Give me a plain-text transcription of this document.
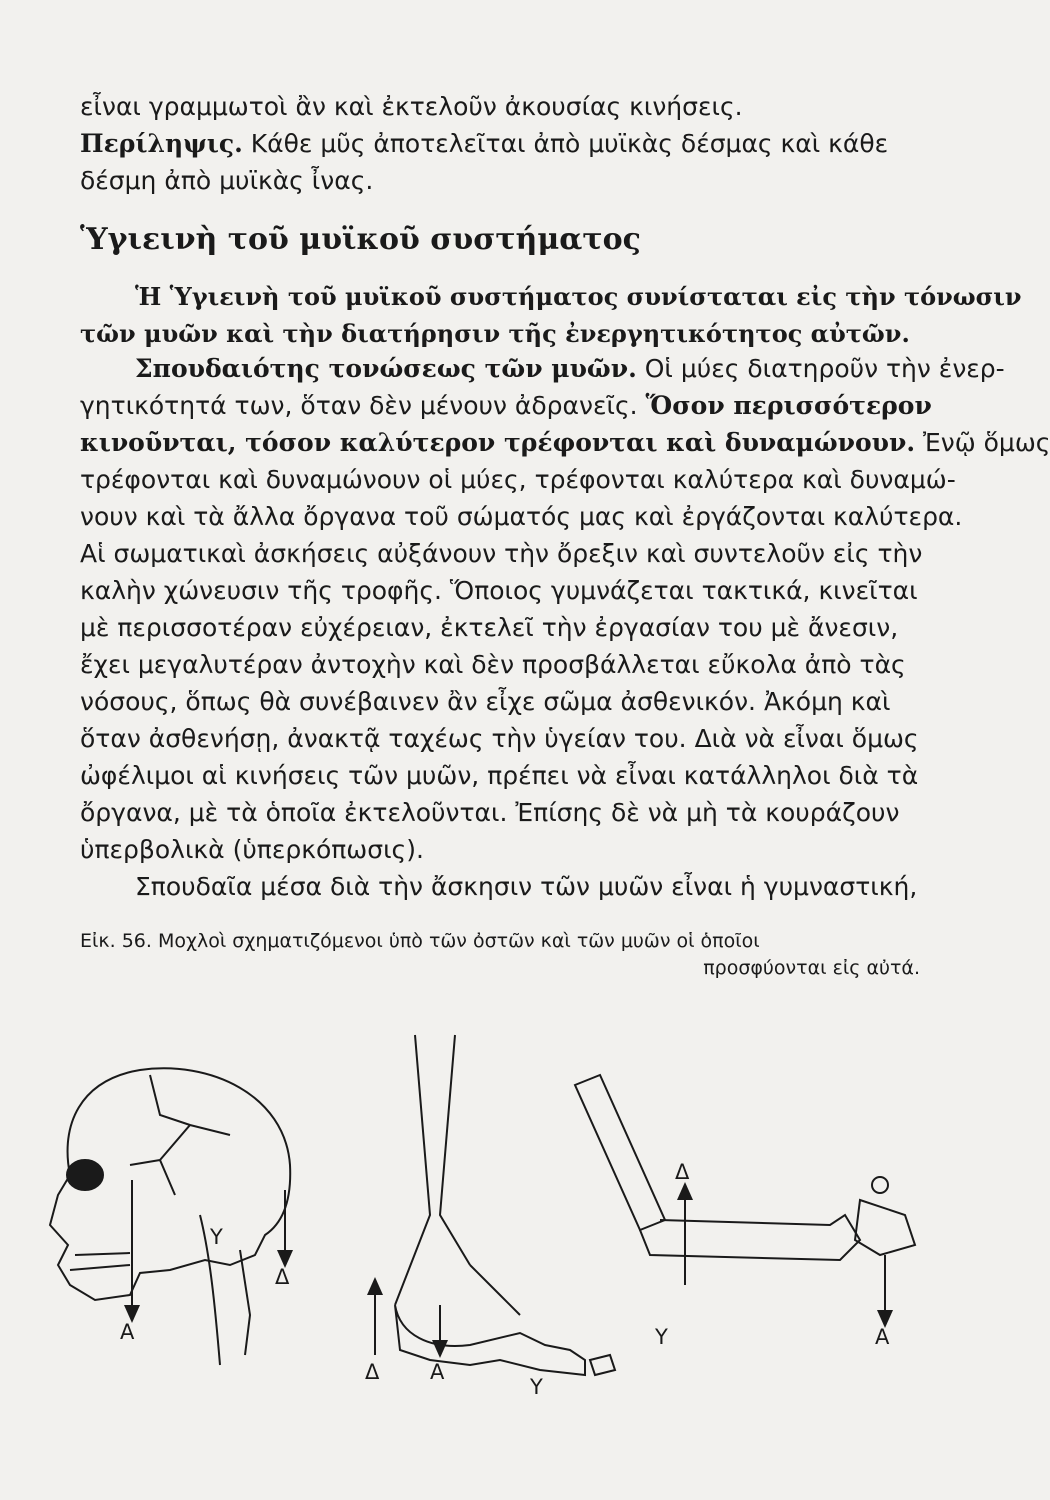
εἶναι γραμμωτοὶ ἂν καὶ ἐκτελοῦν ἀκουσίας κινήσεις.
Περίληψις. Κάθε μῦς ἀποτελεῖται ἀπὸ μυϊκὰς δέσμας καὶ κάθε
δέσμη ἀπὸ μυϊκὰς ἶνας.
Ὑγιεινὴ τοῦ μυϊκοῦ συστήματος
Ἡ Ὑγιεινὴ τοῦ μυϊκοῦ συστήματος συνίσταται εἰς τὴν τόνωσιν
τῶν μυῶν καὶ τὴν διατήρησιν τῆς ἐνεργητικότητος αὐτῶν.
Σπουδαιότης τονώσεως τῶν μυῶν. Οἱ μύες διατηροῦν τὴν ἐνερ-
γητικότητά των, ὅταν δὲν μένουν ἀδρανεῖς. Ὅσον περισσότερον
κινοῦνται, τόσον καλύτερον τρέφονται καὶ δυναμώνουν. Ἐνῷ ὅμως
τρέφονται καὶ δυναμώνουν οἱ μύες, τρέφονται καλύτερα καὶ δυναμώ-
νουν καὶ τὰ ἄλλα ὄργανα τοῦ σώματός μας καὶ ἐργάζονται καλύτερα.
Αἱ σωματικαὶ ἀσκήσεις αὐξάνουν τὴν ὄρεξιν καὶ συντελοῦν εἰς τὴν
καλὴν χώνευσιν τῆς τροφῆς. Ὅποιος γυμνάζεται τακτικά, κινεῖται
μὲ περισσοτέραν εὐχέρειαν, ἐκτελεῖ τὴν ἐργασίαν του μὲ ἄνεσιν,
ἔχει μεγαλυτέραν ἀντοχὴν καὶ δὲν προσβάλλεται εὔκολα ἀπὸ τὰς
νόσους, ὅπως θὰ συνέβαινεν ἂν εἶχε σῶμα ἀσθενικόν. Ἀκόμη καὶ
ὅταν ἀσθενήσῃ, ἀνακτᾷ ταχέως τὴν ὑγείαν του. Διὰ νὰ εἶναι ὅμως
ὠφέλιμοι αἱ κινήσεις τῶν μυῶν, πρέπει νὰ εἶναι κατάλληλοι διὰ τὰ
ὄργανα, μὲ τὰ ὁποῖα ἐκτελοῦνται. Ἐπίσης δὲ νὰ μὴ τὰ κουράζουν
ὑπερβολικὰ (ὑπερκόπωσις).
Σπουδαῖα μέσα διὰ τὴν ἄσκησιν τῶν μυῶν εἶναι ἡ γυμναστική,
Εἰκ. 56. Μοχλοὶ σχηματιζόμενοι ὑπὸ τῶν ὀστῶν καὶ τῶν μυῶν οἱ ὁποῖοι
προσφύονται εἰς αὐτά.
Α
Υ
Δ
Δ Α
Υ
Δ
Υ	Α
